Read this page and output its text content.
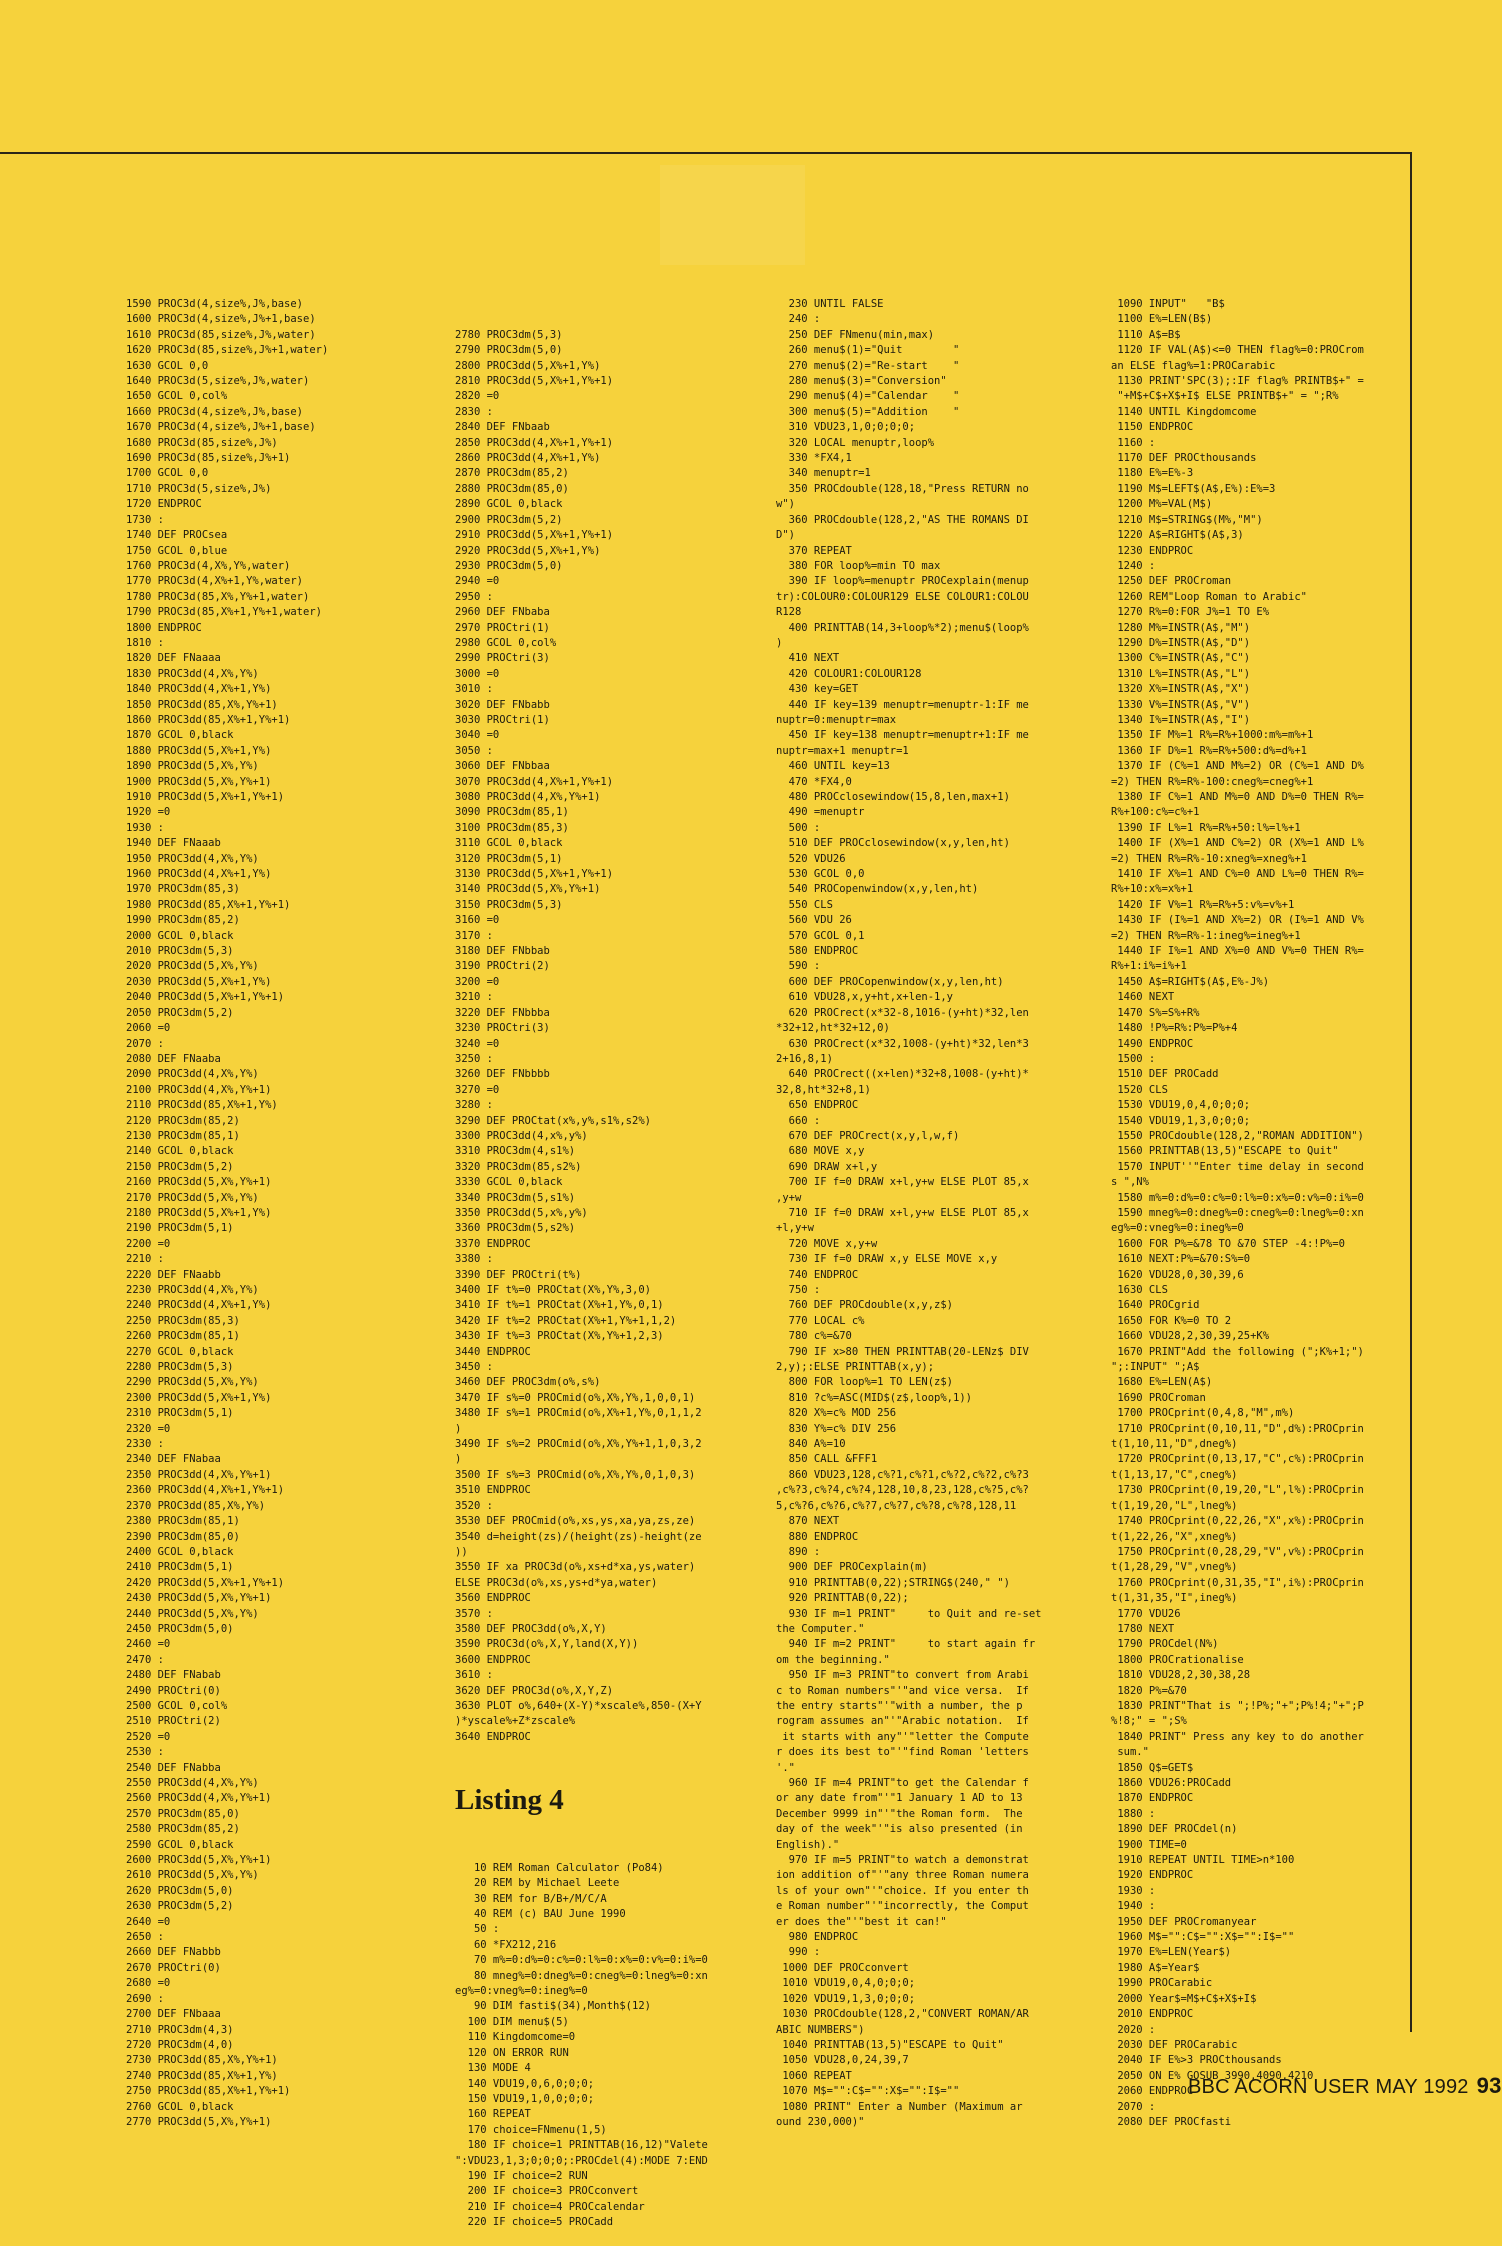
1590 PROC3d(4,size%,J%,base)
1600 PROC3d(4,size%,J%+1,base)
1610 PROC3d(85,size%,J%,water)
1620 PROC3d(85,size%,J%+1,water)
1630 GCOL 0,0
1640 PROC3d(5,size%,J%,water)
1650 GCOL 0,col%
1660 PROC3d(4,size%,J%,base)
1670 PROC3d(4,size%,J%+1,base)
1680 PROC3d(85,size%,J%)
1690 PROC3d(85,size%,J%+1)
1700 GCOL 0,0
1710 PROC3d(5,size%,J%)
1720 ENDPROC
1730 :
1740 DEF PROCsea
1750 GCOL 0,blue
1760 PROC3d(4,X%,Y%,water)
1770 PROC3d(4,X%+1,Y%,water)
1780 PROC3d(85,X%,Y%+1,water)
1790 PROC3d(85,X%+1,Y%+1,water)
1800 ENDPROC
1810 :
1820 DEF FNaaaa
1830 PROC3dd(4,X%,Y%)
1840 PROC3dd(4,X%+1,Y%)
1850 PROC3dd(85,X%,Y%+1)
1860 PROC3dd(85,X%+1,Y%+1)
1870 GCOL 0,black
1880 PROC3dd(5,X%+1,Y%)
1890 PROC3dd(5,X%,Y%)
1900 PROC3dd(5,X%,Y%+1)
1910 PROC3dd(5,X%+1,Y%+1)
1920 =0
1930 :
1940 DEF FNaaab
1950 PROC3dd(4,X%,Y%)
1960 PROC3dd(4,X%+1,Y%)
1970 PROC3dm(85,3)
1980 PROC3dd(85,X%+1,Y%+1)
1990 PROC3dm(85,2)
2000 GCOL 0,black
2010 PROC3dm(5,3)
2020 PROC3dd(5,X%,Y%)
2030 PROC3dd(5,X%+1,Y%)
2040 PROC3dd(5,X%+1,Y%+1)
2050 PROC3dm(5,2)
2060 =0
2070 :
2080 DEF FNaaba
2090 PROC3dd(4,X%,Y%)
2100 PROC3dd(4,X%,Y%+1)
2110 PROC3dd(85,X%+1,Y%)
2120 PROC3dm(85,2)
2130 PROC3dm(85,1)
2140 GCOL 0,black
2150 PROC3dm(5,2)
2160 PROC3dd(5,X%,Y%+1)
2170 PROC3dd(5,X%,Y%)
2180 PROC3dd(5,X%+1,Y%)
2190 PROC3dm(5,1)
2200 =0
2210 :
2220 DEF FNaabb
2230 PROC3dd(4,X%,Y%)
2240 PROC3dd(4,X%+1,Y%)
2250 PROC3dm(85,3)
2260 PROC3dm(85,1)
2270 GCOL 0,black
2280 PROC3dm(5,3)
2290 PROC3dd(5,X%,Y%)
2300 PROC3dd(5,X%+1,Y%)
2310 PROC3dm(5,1)
2320 =0
2330 :
2340 DEF FNabaa
2350 PROC3dd(4,X%,Y%+1)
2360 PROC3dd(4,X%+1,Y%+1)
2370 PROC3dd(85,X%,Y%)
2380 PROC3dm(85,1)
2390 PROC3dm(85,0)
2400 GCOL 0,black
2410 PROC3dm(5,1)
2420 PROC3dd(5,X%+1,Y%+1)
2430 PROC3dd(5,X%,Y%+1)
2440 PROC3dd(5,X%,Y%)
2450 PROC3dm(5,0)
2460 =0
2470 :
2480 DEF FNabab
2490 PROCtri(0)
2500 GCOL 0,col%
2510 PROCtri(2)
2520 =0
2530 :
2540 DEF FNabba
2550 PROC3dd(4,X%,Y%)
2560 PROC3dd(4,X%,Y%+1)
2570 PROC3dm(85,0)
2580 PROC3dm(85,2)
2590 GCOL 0,black
2600 PROC3dd(5,X%,Y%+1)
2610 PROC3dd(5,X%,Y%)
2620 PROC3dm(5,0)
2630 PROC3dm(5,2)
2640 =0
2650 :
2660 DEF FNabbb
2670 PROCtri(0)
2680 =0
2690 :
2700 DEF FNbaaa
2710 PROC3dm(4,3)
2720 PROC3dm(4,0)
2730 PROC3dd(85,X%,Y%+1)
2740 PROC3dd(85,X%+1,Y%)
2750 PROC3dd(85,X%+1,Y%+1)
2760 GCOL 0,black
2770 PROC3dd(5,X%,Y%+1)

2780 PROC3dm(5,3)
2790 PROC3dm(5,0)
2800 PROC3dd(5,X%+1,Y%)
2810 PROC3dd(5,X%+1,Y%+1)
2820 =0
2830 :
2840 DEF FNbaab
2850 PROC3dd(4,X%+1,Y%+1)
2860 PROC3dd(4,X%+1,Y%)
2870 PROC3dm(85,2)
2880 PROC3dm(85,0)
2890 GCOL 0,black
2900 PROC3dm(5,2)
2910 PROC3dd(5,X%+1,Y%+1)
2920 PROC3dd(5,X%+1,Y%)
2930 PROC3dm(5,0)
2940 =0
2950 :
2960 DEF FNbaba
2970 PROCtri(1)
2980 GCOL 0,col%
2990 PROCtri(3)
3000 =0
3010 :
3020 DEF FNbabb
3030 PROCtri(1)
3040 =0
3050 :
3060 DEF FNbbaa
3070 PROC3dd(4,X%+1,Y%+1)
3080 PROC3dd(4,X%,Y%+1)
3090 PROC3dm(85,1)
3100 PROC3dm(85,3)
3110 GCOL 0,black
3120 PROC3dm(5,1)
3130 PROC3dd(5,X%+1,Y%+1)
3140 PROC3dd(5,X%,Y%+1)
3150 PROC3dm(5,3)
3160 =0
3170 :
3180 DEF FNbbab
3190 PROCtri(2)
3200 =0
3210 :
3220 DEF FNbbba
3230 PROCtri(3)
3240 =0
3250 :
3260 DEF FNbbbb
3270 =0
3280 :
3290 DEF PROCtat(x%,y%,s1%,s2%)
3300 PROC3dd(4,x%,y%)
3310 PROC3dm(4,s1%)
3320 PROC3dm(85,s2%)
3330 GCOL 0,black
3340 PROC3dm(5,s1%)
3350 PROC3dd(5,x%,y%)
3360 PROC3dm(5,s2%)
3370 ENDPROC
3380 :
3390 DEF PROCtri(t%)
3400 IF t%=0 PROCtat(X%,Y%,3,0)
3410 IF t%=1 PROCtat(X%+1,Y%,0,1)
3420 IF t%=2 PROCtat(X%+1,Y%+1,1,2)
3430 IF t%=3 PROCtat(X%,Y%+1,2,3)
3440 ENDPROC
3450 :
3460 DEF PROC3dm(o%,s%)
3470 IF s%=0 PROCmid(o%,X%,Y%,1,0,0,1)
3480 IF s%=1 PROCmid(o%,X%+1,Y%,0,1,1,2
)
3490 IF s%=2 PROCmid(o%,X%,Y%+1,1,0,3,2
)
3500 IF s%=3 PROCmid(o%,X%,Y%,0,1,0,3)
3510 ENDPROC
3520 :
3530 DEF PROCmid(o%,xs,ys,xa,ya,zs,ze)
3540 d=height(zs)/(height(zs)-height(ze
))
3550 IF xa PROC3d(o%,xs+d*xa,ys,water)
ELSE PROC3d(o%,xs,ys+d*ya,water)
3560 ENDPROC
3570 :
3580 DEF PROC3dd(o%,X,Y)
3590 PROC3d(o%,X,Y,land(X,Y))
3600 ENDPROC
3610 :
3620 DEF PROC3d(o%,X,Y,Z)
3630 PLOT o%,640+(X-Y)*xscale%,850-(X+Y
)*yscale%+Z*zscale%
3640 ENDPROC

Listing 4

10 REM Roman Calculator (Po84)
20 REM by Michael Leete
30 REM for B/B+/M/C/A
40 REM (c) BAU June 1990
50 :
60 *FX212,216
70 m%=0:d%=0:c%=0:l%=0:x%=0:v%=0:i%=0
80 mneg%=0:dneg%=0:cneg%=0:lneg%=0:xn
eg%=0:vneg%=0:ineg%=0
90 DIM fasti$(34),Month$(12)
100 DIM menu$(5)
110 Kingdomcome=0
120 ON ERROR RUN
130 MODE 4
140 VDU19,0,6,0;0;0;
150 VDU19,1,0,0;0;0;
160 REPEAT
170 choice=FNmenu(1,5)
180 IF choice=1 PRINTTAB(16,12)"Valete
":VDU23,1,3;0;0;0;:PROCdel(4):MODE 7:END
190 IF choice=2 RUN
200 IF choice=3 PROCconvert
210 IF choice=4 PROCcalendar
220 IF choice=5 PROCadd

230 UNTIL FALSE
240 :
250 DEF FNmenu(min,max)
260 menu$(1)="Quit        "
270 menu$(2)="Re-start    "
280 menu$(3)="Conversion"
290 menu$(4)="Calendar    "
300 menu$(5)="Addition    "
310 VDU23,1,0;0;0;0;
320 LOCAL menuptr,loop%
330 *FX4,1
340 menuptr=1
350 PROCdouble(128,18,"Press RETURN no
w")
360 PROCdouble(128,2,"AS THE ROMANS DI
D")
370 REPEAT
380 FOR loop%=min TO max
390 IF loop%=menuptr PROCexplain(menup
tr):COLOUR0:COLOUR129 ELSE COLOUR1:COLOU
R128
400 PRINTTAB(14,3+loop%*2);menu$(loop%
)
410 NEXT
420 COLOUR1:COLOUR128
430 key=GET
440 IF key=139 menuptr=menuptr-1:IF me
nuptr=0:menuptr=max
450 IF key=138 menuptr=menuptr+1:IF me
nuptr=max+1 menuptr=1
460 UNTIL key=13
470 *FX4,0
480 PROCclosewindow(15,8,len,max+1)
490 =menuptr
500 :
510 DEF PROCclosewindow(x,y,len,ht)
520 VDU26
530 GCOL 0,0
540 PROCopenwindow(x,y,len,ht)
550 CLS
560 VDU 26
570 GCOL 0,1
580 ENDPROC
590 :
600 DEF PROCopenwindow(x,y,len,ht)
610 VDU28,x,y+ht,x+len-1,y
620 PROCrect(x*32-8,1016-(y+ht)*32,len
*32+12,ht*32+12,0)
630 PROCrect(x*32,1008-(y+ht)*32,len*3
2+16,8,1)
640 PROCrect((x+len)*32+8,1008-(y+ht)*
32,8,ht*32+8,1)
650 ENDPROC
660 :
670 DEF PROCrect(x,y,l,w,f)
680 MOVE x,y
690 DRAW x+l,y
700 IF f=0 DRAW x+l,y+w ELSE PLOT 85,x
,y+w
710 IF f=0 DRAW x+l,y+w ELSE PLOT 85,x
+l,y+w
720 MOVE x,y+w
730 IF f=0 DRAW x,y ELSE MOVE x,y
740 ENDPROC
750 :
760 DEF PROCdouble(x,y,z$)
770 LOCAL c%
780 c%=&70
790 IF x>80 THEN PRINTTAB(20-LENz$ DIV
2,y);:ELSE PRINTTAB(x,y);
800 FOR loop%=1 TO LEN(z$)
810 ?c%=ASC(MID$(z$,loop%,1))
820 X%=c% MOD 256
830 Y%=c% DIV 256
840 A%=10
850 CALL &FFF1
860 VDU23,128,c%?1,c%?1,c%?2,c%?2,c%?3
,c%?3,c%?4,c%?4,128,10,8,23,128,c%?5,c%?
5,c%?6,c%?6,c%?7,c%?7,c%?8,c%?8,128,11
870 NEXT
880 ENDPROC
890 :
900 DEF PROCexplain(m)
910 PRINTTAB(0,22);STRING$(240," ")
920 PRINTTAB(0,22);
930 IF m=1 PRINT"     to Quit and re-set
the Computer."
940 IF m=2 PRINT"     to start again fr
om the beginning."
950 IF m=3 PRINT"to convert from Arabi
c to Roman numbers"'"and vice versa.  If
the entry starts"'"with a number, the p
rogram assumes an"'"Arabic notation.  If
it starts with any"'"letter the Compute
r does its best to"'"find Roman 'letters
'."
960 IF m=4 PRINT"to get the Calendar f
or any date from"'"1 January 1 AD to 13
December 9999 in"'"the Roman form.  The
day of the week"'"is also presented (in
English)."
970 IF m=5 PRINT"to watch a demonstrat
ion addition of"'"any three Roman numera
ls of your own"'"choice. If you enter th
e Roman number"'"incorrectly, the Comput
er does the"'"best it can!"
980 ENDPROC
990 :
1000 DEF PROCconvert
1010 VDU19,0,4,0;0;0;
1020 VDU19,1,3,0;0;0;
1030 PROCdouble(128,2,"CONVERT ROMAN/AR
ABIC NUMBERS")
1040 PRINTTAB(13,5)"ESCAPE to Quit"
1050 VDU28,0,24,39,7
1060 REPEAT
1070 M$="":C$="":X$="":I$=""
1080 PRINT" Enter a Number (Maximum ar
ound 230,000)"
1090 INPUT"   "B$
1100 E%=LEN(B$)
1110 A$=B$
1120 IF VAL(A$)<=0 THEN flag%=0:PROCrom
an ELSE flag%=1:PROCarabic
1130 PRINT'SPC(3);:IF flag% PRINTB$+" =
"+M$+C$+X$+I$ ELSE PRINTB$+" = ";R%
1140 UNTIL Kingdomcome
1150 ENDPROC
1160 :
1170 DEF PROCthousands
1180 E%=E%-3
1190 M$=LEFT$(A$,E%):E%=3
1200 M%=VAL(M$)
1210 M$=STRING$(M%,"M")
1220 A$=RIGHT$(A$,3)
1230 ENDPROC
1240 :
1250 DEF PROCroman
1260 REM"Loop Roman to Arabic"
1270 R%=0:FOR J%=1 TO E%
1280 M%=INSTR(A$,"M")
1290 D%=INSTR(A$,"D")
1300 C%=INSTR(A$,"C")
1310 L%=INSTR(A$,"L")
1320 X%=INSTR(A$,"X")
1330 V%=INSTR(A$,"V")
1340 I%=INSTR(A$,"I")
1350 IF M%=1 R%=R%+1000:m%=m%+1
1360 IF D%=1 R%=R%+500:d%=d%+1
1370 IF (C%=1 AND M%=2) OR (C%=1 AND D%
=2) THEN R%=R%-100:cneg%=cneg%+1
1380 IF C%=1 AND M%=0 AND D%=0 THEN R%=
R%+100:c%=c%+1
1390 IF L%=1 R%=R%+50:l%=l%+1
1400 IF (X%=1 AND C%=2) OR (X%=1 AND L%
=2) THEN R%=R%-10:xneg%=xneg%+1
1410 IF X%=1 AND C%=0 AND L%=0 THEN R%=
R%+10:x%=x%+1
1420 IF V%=1 R%=R%+5:v%=v%+1
1430 IF (I%=1 AND X%=2) OR (I%=1 AND V%
=2) THEN R%=R%-1:ineg%=ineg%+1
1440 IF I%=1 AND X%=0 AND V%=0 THEN R%=
R%+1:i%=i%+1
1450 A$=RIGHT$(A$,E%-J%)
1460 NEXT
1470 S%=S%+R%
1480 !P%=R%:P%=P%+4
1490 ENDPROC
1500 :
1510 DEF PROCadd
1520 CLS
1530 VDU19,0,4,0;0;0;
1540 VDU19,1,3,0;0;0;
1550 PROCdouble(128,2,"ROMAN ADDITION")
1560 PRINTTAB(13,5)"ESCAPE to Quit"
1570 INPUT''"Enter time delay in second
s ",N%
1580 m%=0:d%=0:c%=0:l%=0:x%=0:v%=0:i%=0
1590 mneg%=0:dneg%=0:cneg%=0:lneg%=0:xn
eg%=0:vneg%=0:ineg%=0
1600 FOR P%=&78 TO &70 STEP -4:!P%=0
1610 NEXT:P%=&70:S%=0
1620 VDU28,0,30,39,6
1630 CLS
1640 PROCgrid
1650 FOR K%=0 TO 2
1660 VDU28,2,30,39,25+K%
1670 PRINT"Add the following (";K%+1;")
";:INPUT" ";A$
1680 E%=LEN(A$)
1690 PROCroman
1700 PROCprint(0,4,8,"M",m%)
1710 PROCprint(0,10,11,"D",d%):PROCprin
t(1,10,11,"D",dneg%)
1720 PROCprint(0,13,17,"C",c%):PROCprin
t(1,13,17,"C",cneg%)
1730 PROCprint(0,19,20,"L",l%):PROCprin
t(1,19,20,"L",lneg%)
1740 PROCprint(0,22,26,"X",x%):PROCprin
t(1,22,26,"X",xneg%)
1750 PROCprint(0,28,29,"V",v%):PROCprin
t(1,28,29,"V",vneg%)
1760 PROCprint(0,31,35,"I",i%):PROCprin
t(1,31,35,"I",ineg%)
1770 VDU26
1780 NEXT
1790 PROCdel(N%)
1800 PROCrationalise
1810 VDU28,2,30,38,28
1820 P%=&70
1830 PRINT"That is ";!P%;"+";P%!4;"+";P
%!8;" = ";S%
1840 PRINT" Press any key to do another
sum."
1850 Q$=GET$
1860 VDU26:PROCadd
1870 ENDPROC
1880 :
1890 DEF PROCdel(n)
1900 TIME=0
1910 REPEAT UNTIL TIME>n*100
1920 ENDPROC
1930 :
1940 :
1950 DEF PROCromanyear
1960 M$="":C$="":X$="":I$=""
1970 E%=LEN(Year$)
1980 A$=Year$
1990 PROCarabic
2000 Year$=M$+C$+X$+I$
2010 ENDPROC
2020 :
2030 DEF PROCarabic
2040 IF E%>3 PROCthousands
2050 ON E% GOSUB 3990,4090,4210
2060 ENDPROC
2070 :
2080 DEF PROCfasti
BBC ACORN USER MAY 1992 93
